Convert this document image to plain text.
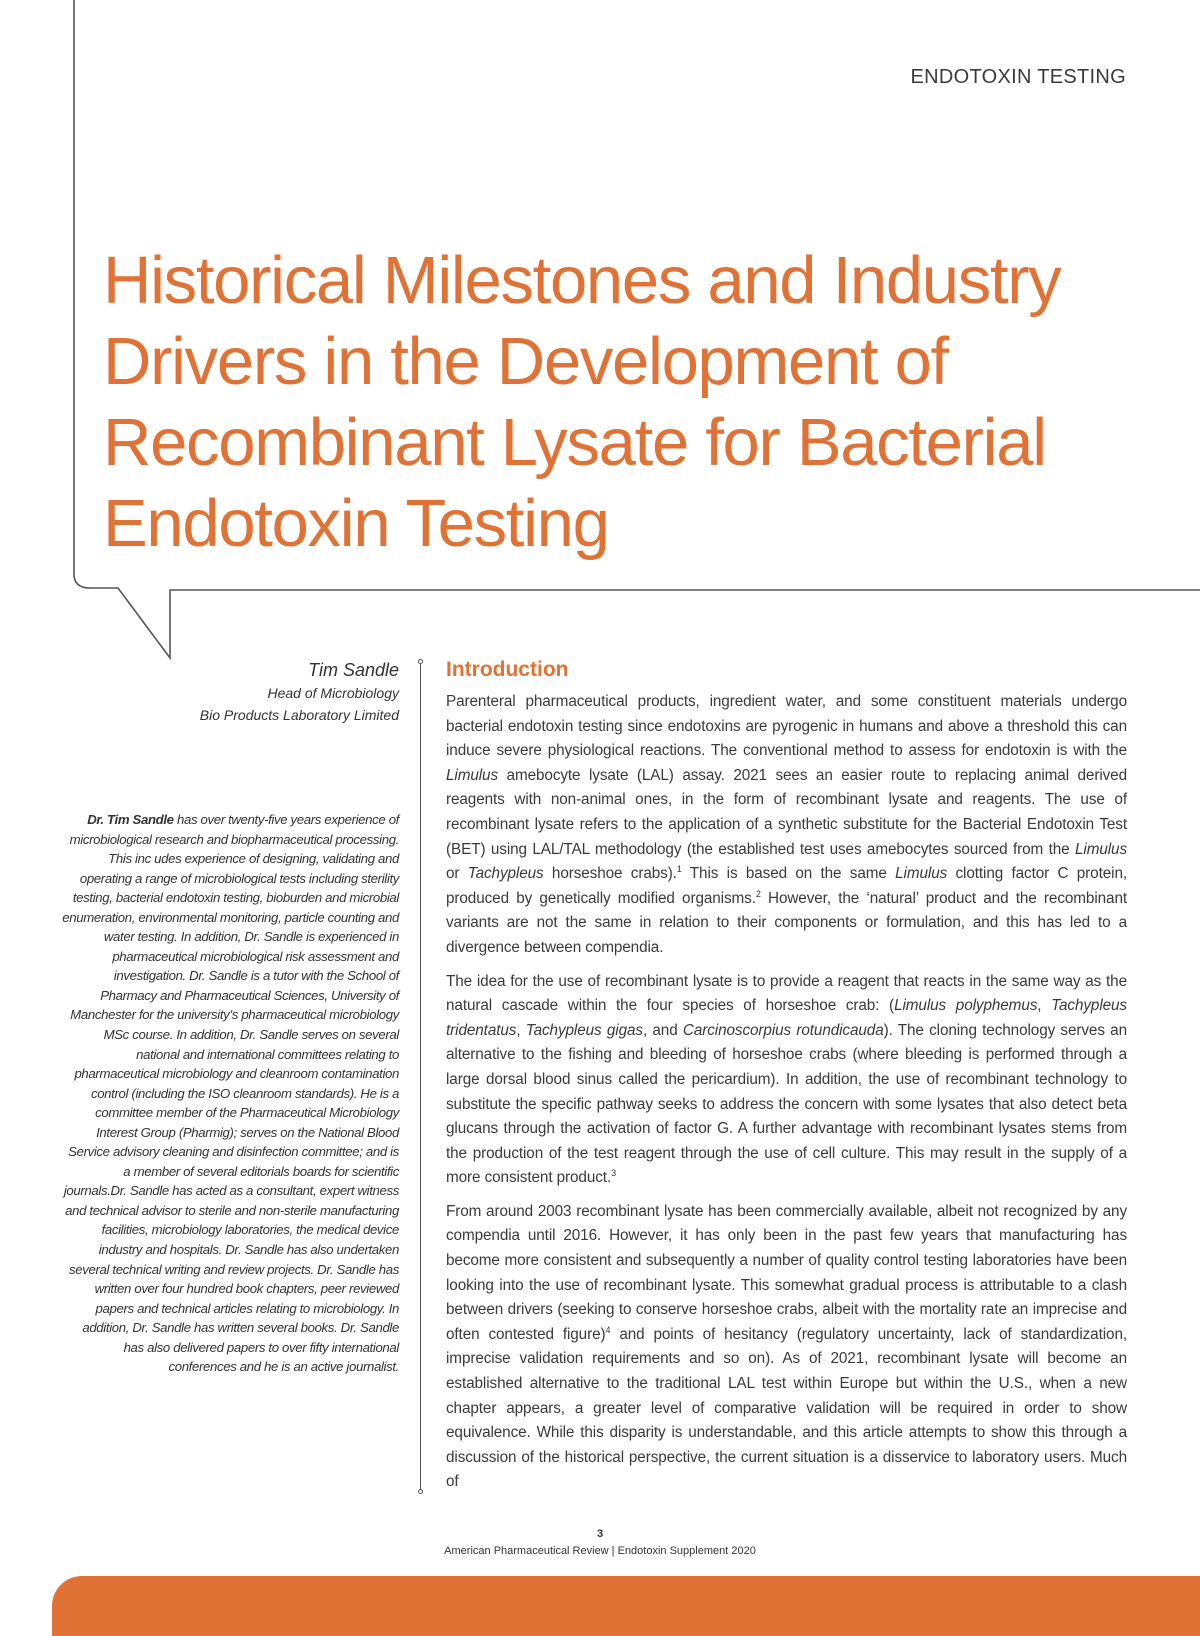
ENDOTOXIN TESTING
Historical Milestones and Industry Drivers in the Development of Recombinant Lysate for Bacterial Endotoxin Testing
Tim Sandle
Head of Microbiology
Bio Products Laboratory Limited

Dr. Tim Sandle has over twenty-five years experience of microbiological research and biopharmaceutical processing. This inc udes experience of designing, validating and operating a range of microbiological tests including sterility testing, bacterial endotoxin testing, bioburden and microbial enumeration, environmental monitoring, particle counting and water testing. In addition, Dr. Sandle is experienced in pharmaceutical microbiological risk assessment and investigation. Dr. Sandle is a tutor with the School of Pharmacy and Pharmaceutical Sciences, University of Manchester for the university’s pharmaceutical microbiology MSc course. In addition, Dr. Sandle serves on several national and international committees relating to pharmaceutical microbiology and cleanroom contamination control (including the ISO cleanroom standards). He is a committee member of the Pharmaceutical Microbiology Interest Group (Pharmig); serves on the National Blood Service advisory cleaning and disinfection committee; and is a member of several editorials boards for scientific journals.Dr. Sandle has acted as a consultant, expert witness and technical advisor to sterile and non-sterile manufacturing facilities, microbiology laboratories, the medical device industry and hospitals. Dr. Sandle has also undertaken several technical writing and review projects. Dr. Sandle has written over four hundred book chapters, peer reviewed papers and technical articles relating to microbiology. In addition, Dr. Sandle has written several books. Dr. Sandle has also delivered papers to over fifty international conferences and he is an active journalist.

Introduction

Parenteral pharmaceutical products, ingredient water, and some constituent materials undergo bacterial endotoxin testing since endotoxins are pyrogenic in humans and above a threshold this can induce severe physiological reactions. The conventional method to assess for endotoxin is with the Limulus amebocyte lysate (LAL) assay. 2021 sees an easier route to replacing animal derived reagents with non-animal ones, in the form of recombinant lysate and reagents. The use of recombinant lysate refers to the application of a synthetic substitute for the Bacterial Endotoxin Test (BET) using LAL/TAL methodology (the established test uses amebocytes sourced from the Limulus or Tachypleus horseshoe crabs).$^1$ This is based on the same Limulus clotting factor C protein, produced by genetically modified organisms.$^2$ However, the ‘natural’ product and the recombinant variants are not the same in relation to their components or formulation, and this has led to a divergence between compendia.

The idea for the use of recombinant lysate is to provide a reagent that reacts in the same way as the natural cascade within the four species of horseshoe crab: (Limulus polyphemus, Tachypleus tridentatus, Tachypleus gigas, and Carcinoscorpius rotundicauda). The cloning technology serves an alternative to the fishing and bleeding of horseshoe crabs (where bleeding is performed through a large dorsal blood sinus called the pericardium). In addition, the use of recombinant technology to substitute the specific pathway seeks to address the concern with some lysates that also detect beta glucans through the activation of factor G. A further advantage with recombinant lysates stems from the production of the test reagent through the use of cell culture. This may result in the supply of a more consistent product.$^3$

From around 2003 recombinant lysate has been commercially available, albeit not recognized by any compendia until 2016. However, it has only been in the past few years that manufacturing has become more consistent and subsequently a number of quality control testing laboratories have been looking into the use of recombinant lysate. This somewhat gradual process is attributable to a clash between drivers (seeking to conserve horseshoe crabs, albeit with the mortality rate an imprecise and often contested figure)$^4$ and points of hesitancy (regulatory uncertainty, lack of standardization, imprecise validation requirements and so on). As of 2021, recombinant lysate will become an established alternative to the traditional LAL test within Europe but within the U.S., when a new chapter appears, a greater level of comparative validation will be required in order to show equivalence. While this disparity is understandable, and this article attempts to show this through a discussion of the historical perspective, the current situation is a disservice to laboratory users. Much of

3
American Pharmaceutical Review | Endotoxin Supplement 2020
